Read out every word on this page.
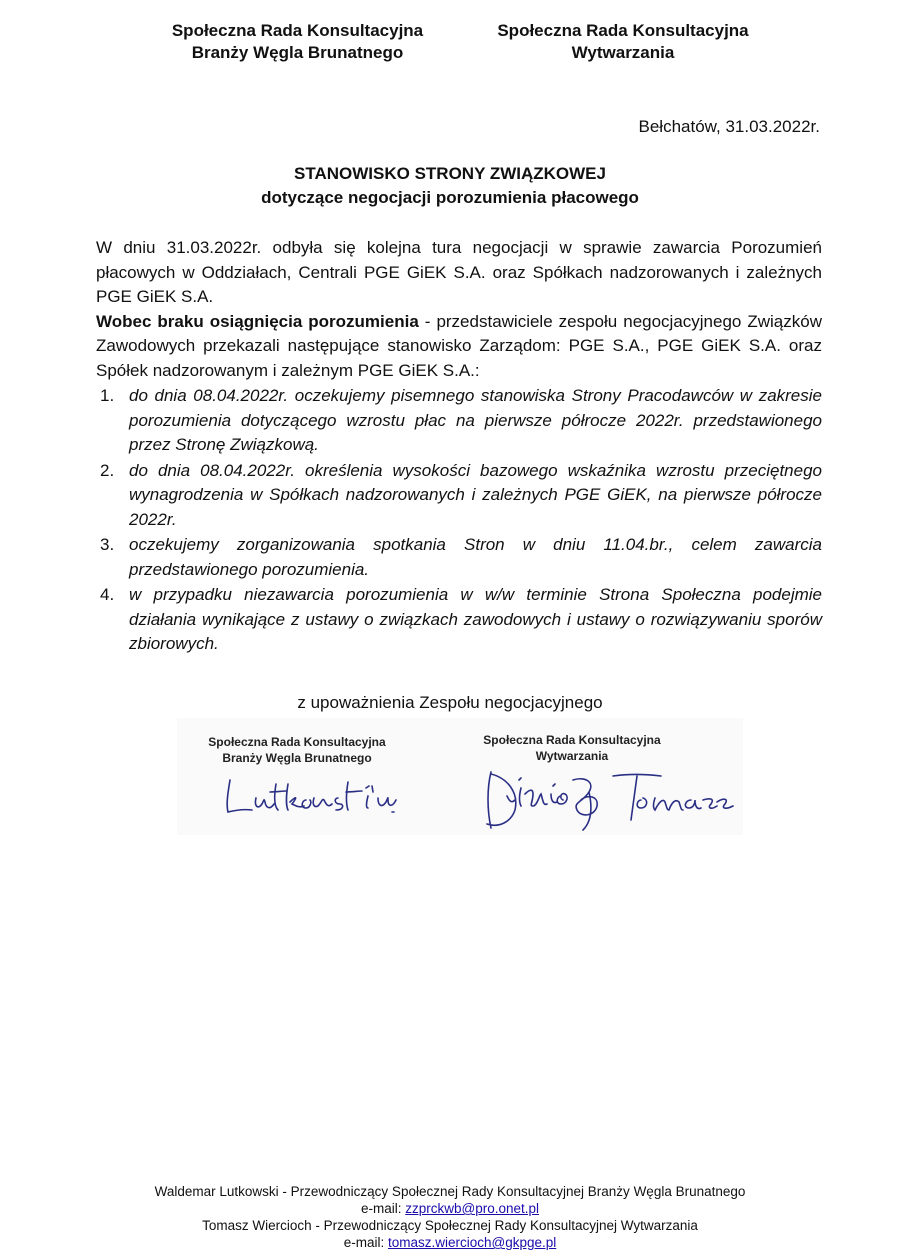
Społeczna Rada Konsultacyjna
Branży Węgla Brunatnego
Społeczna Rada Konsultacyjna
Wytwarzania
Bełchatów, 31.03.2022r.
STANOWISKO STRONY ZWIĄZKOWEJ
dotyczące negocjacji porozumienia płacowego

W dniu 31.03.2022r. odbyła się kolejna tura negocjacji w sprawie zawarcia Porozumień płacowych w Oddziałach, Centrali PGE GiEK S.A. oraz Spółkach nadzorowanych i zależnych PGE GiEK S.A.

Wobec braku osiągnięcia porozumienia - przedstawiciele zespołu negocjacyjnego Związków Zawodowych przekazali następujące stanowisko Zarządom: PGE S.A., PGE GiEK S.A. oraz Spółek nadzorowanym i zależnym PGE GiEK S.A.:

1. do dnia 08.04.2022r. oczekujemy pisemnego stanowiska Strony Pracodawców w zakresie porozumienia dotyczącego wzrostu płac na pierwsze półrocze 2022r. przedstawionego przez Stronę Związkową.
2. do dnia 08.04.2022r. określenia wysokości bazowego wskaźnika wzrostu przeciętnego wynagrodzenia w Spółkach nadzorowanych i zależnych PGE GiEK, na pierwsze półrocze 2022r.
3. oczekujemy zorganizowania spotkania Stron w dniu 11.04.br., celem zawarcia przedstawionego porozumienia.
4. w przypadku niezawarcia porozumienia w w/w terminie Strona Społeczna podejmie działania wynikające z ustawy o związkach zawodowych i ustawy o rozwiązywaniu sporów zbiorowych.
z upoważnienia Zespołu negocjacyjnego
Społeczna Rada Konsultacyjna
Branży Węgla Brunatnego
Społeczna Rada Konsultacyjna
Wytwarzania
Waldemar Lutkowski - Przewodniczący Społecznej Rady Konsultacyjnej Branży Węgla Brunatnego
e-mail: zzprckwb@pro.onet.pl
Tomasz Wiercioch - Przewodniczący Społecznej Rady Konsultacyjnej Wytwarzania
e-mail: tomasz.wiercioch@gkpge.pl
